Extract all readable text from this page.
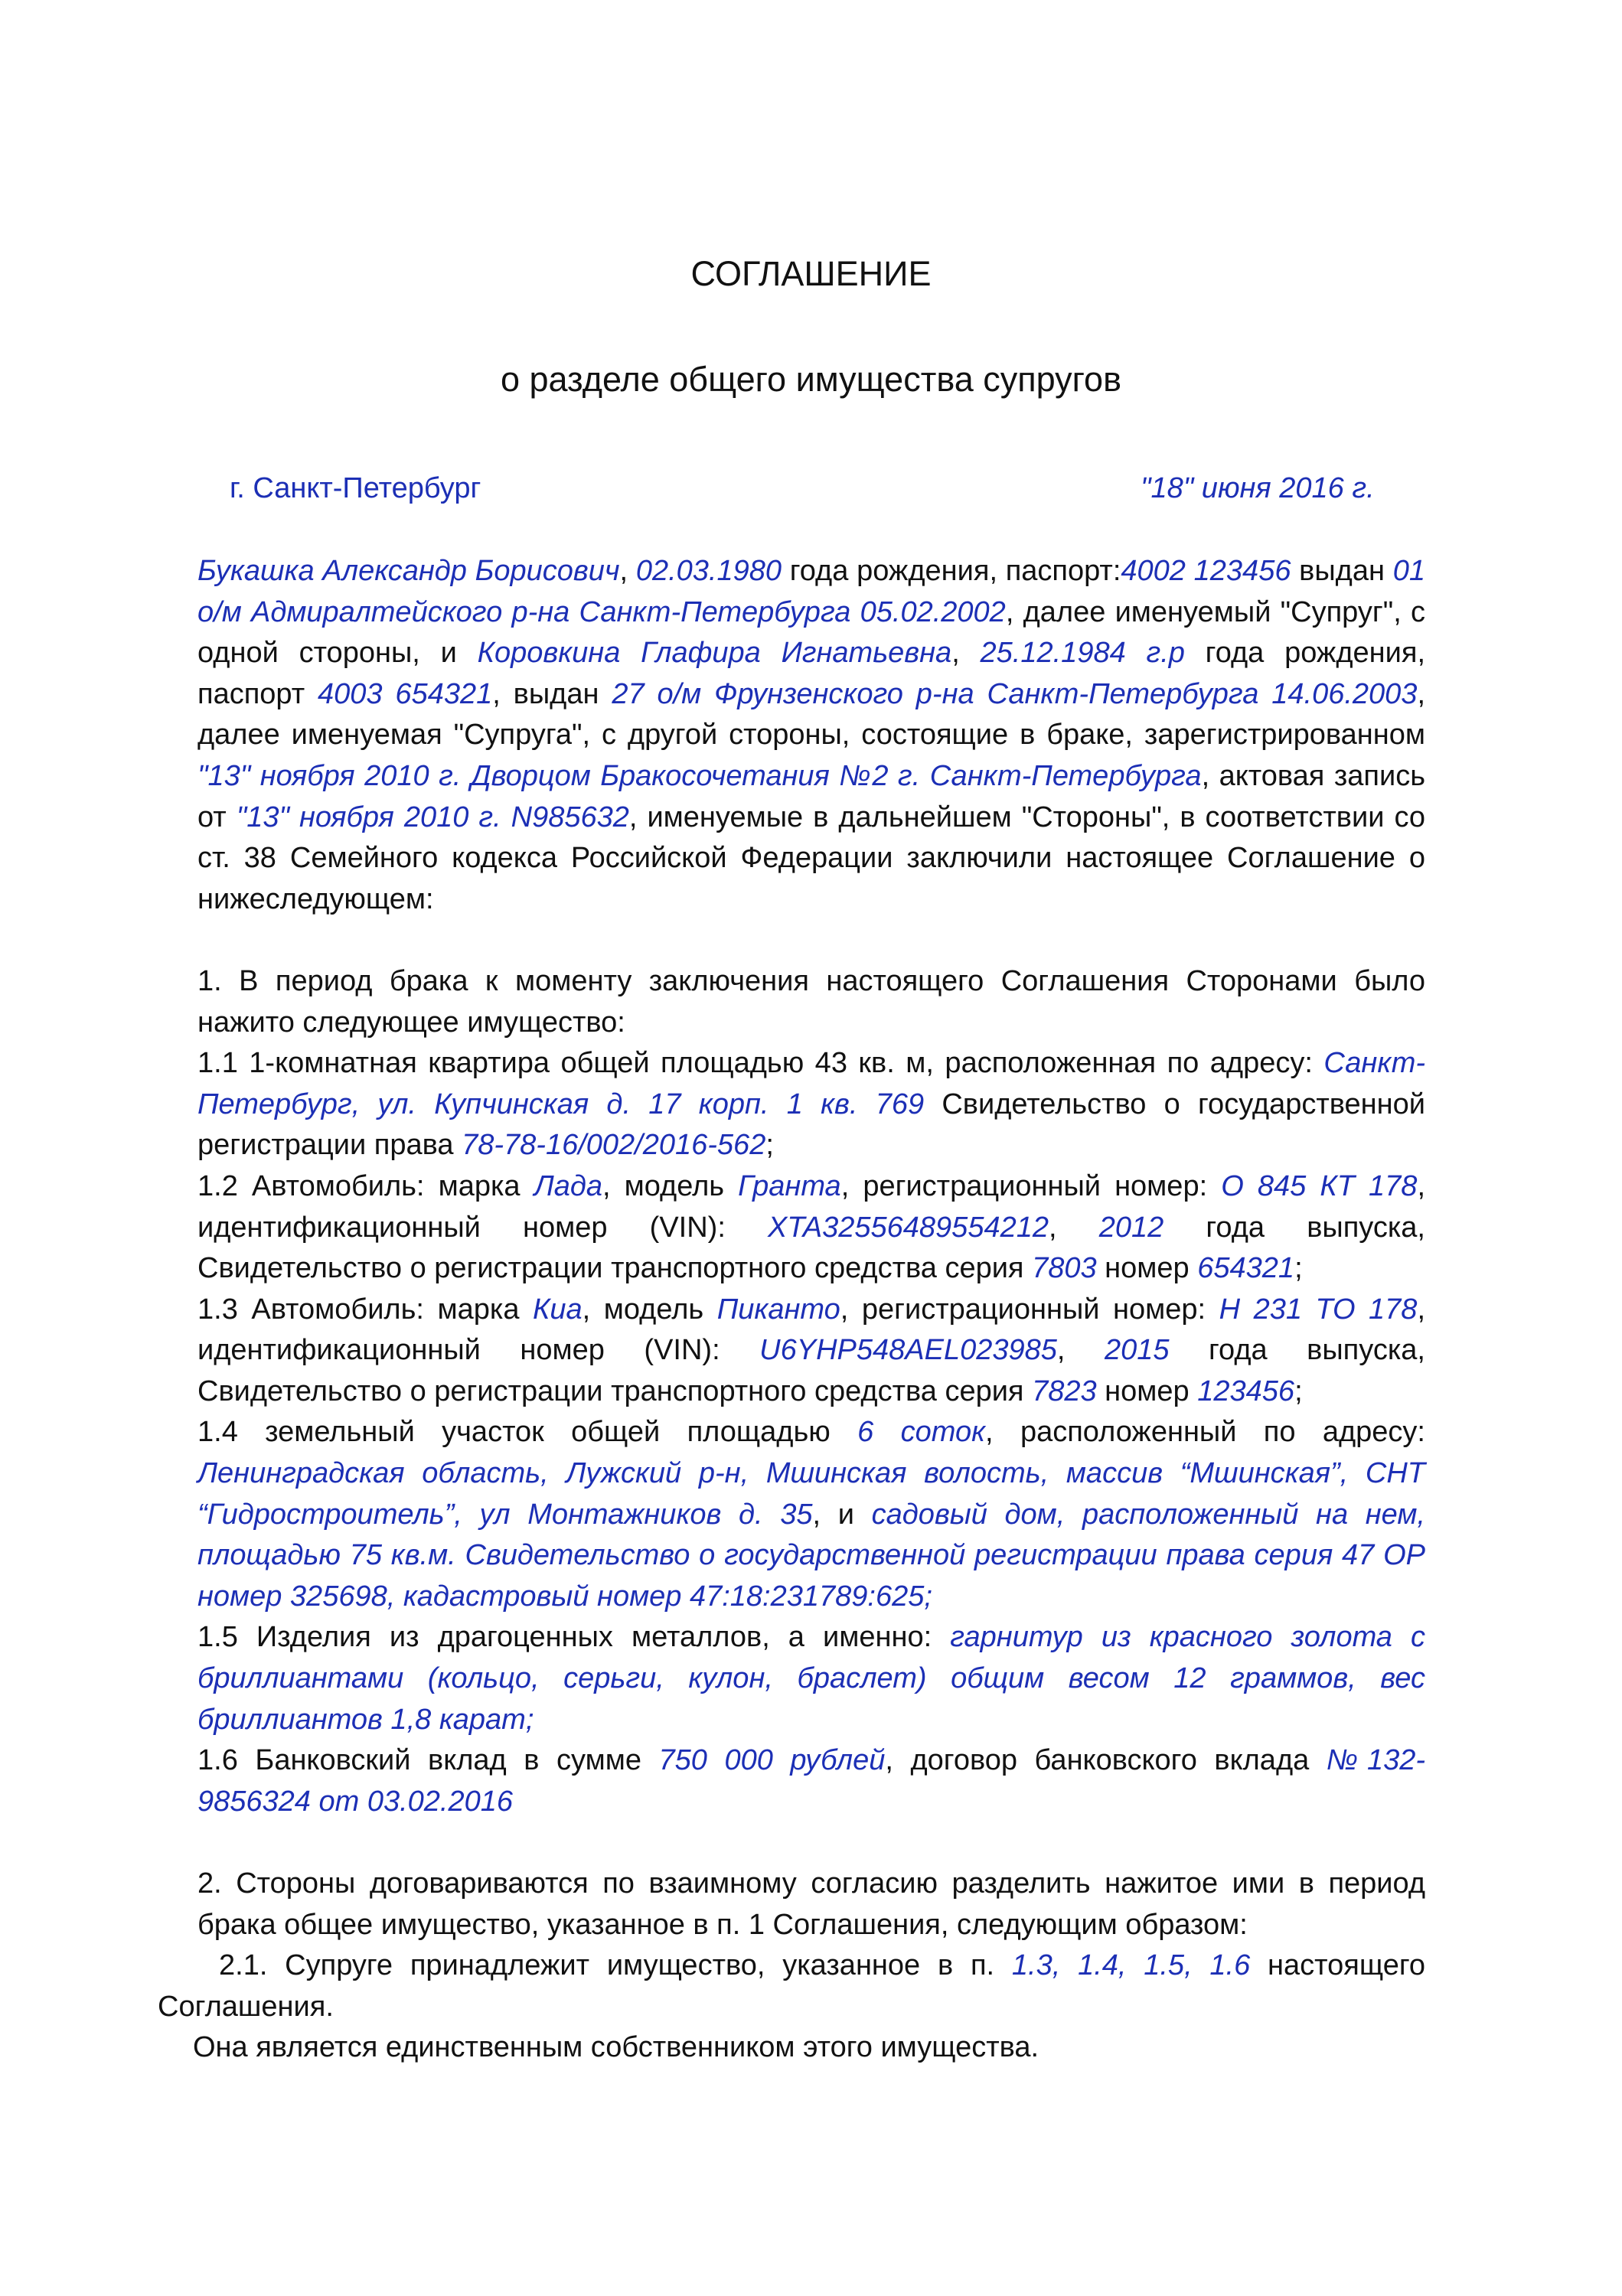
СОГЛАШЕНИЕ
о разделе общего имущества супругов
г. Санкт-Петербург	"18" июня 2016 г.

Букашка Александр Борисович, 02.03.1980 года рождения, паспорт:4002 123456 выдан 01 о/м Адмиралтейского р-на Санкт-Петербурга 05.02.2002, далее именуемый "Супруг", с одной стороны, и Коровкина Глафира Игнатьевна, 25.12.1984 г.р года рождения, паспорт 4003 654321, выдан 27 о/м Фрунзенского р-на Санкт-Петербурга 14.06.2003, далее именуемая "Супруга", с другой стороны, состоящие в браке, зарегистрированном "13" ноября 2010 г. Дворцом Бракосочетания №2 г. Санкт-Петербурга, актовая запись от "13" ноября 2010 г. N985632, именуемые в дальнейшем "Стороны", в соответствии со ст. 38 Семейного кодекса Российской Федерации заключили настоящее Соглашение о нижеследующем:

1. В период брака к моменту заключения настоящего Соглашения Сторонами было нажито следующее имущество:

1.1 1-комнатная квартира общей площадью 43 кв. м, расположенная по адресу: Санкт-Петербург, ул. Купчинская д. 17 корп. 1 кв. 769 Свидетельство о государственной регистрации права 78-78-16/002/2016-562;

1.2 Автомобиль: марка Лада, модель Гранта, регистрационный номер: О 845 КТ 178, идентификационный номер (VIN): XTA32556489554212, 2012 года выпуска, Свидетельство о регистрации транспортного средства серия 7803 номер 654321;

1.3 Автомобиль: марка Киа, модель Пиканто, регистрационный номер: Н 231 ТО 178, идентификационный номер (VIN): U6YHP548AEL023985, 2015 года выпуска, Свидетельство о регистрации транспортного средства серия 7823 номер 123456;

1.4 земельный участок общей площадью 6 соток, расположенный по адресу: Ленинградская область, Лужский р-н, Мшинская волость, массив “Мшинская”, СНТ “Гидростроитель”, ул Монтажников д. 35, и садовый дом, расположенный на нем, площадью 75 кв.м. Свидетельство о государственной регистрации права серия 47 ОР номер 325698, кадастровый номер 47:18:231789:625;

1.5 Изделия из драгоценных металлов, а именно: гарнитур из красного золота с бриллиантами (кольцо, серьги, кулон, браслет) общим весом 12 граммов, вес бриллиантов 1,8 карат;

1.6 Банковский вклад в сумме 750 000 рублей, договор банковского вклада №132-9856324 от 03.02.2016

2. Стороны договариваются по взаимному согласию разделить нажитое ими в период брака общее имущество, указанное в п. 1 Соглашения, следующим образом:

2.1. Супруге принадлежит имущество, указанное в п. 1.3, 1.4, 1.5, 1.6 настоящего Соглашения.

Она является единственным собственником этого имущества.
